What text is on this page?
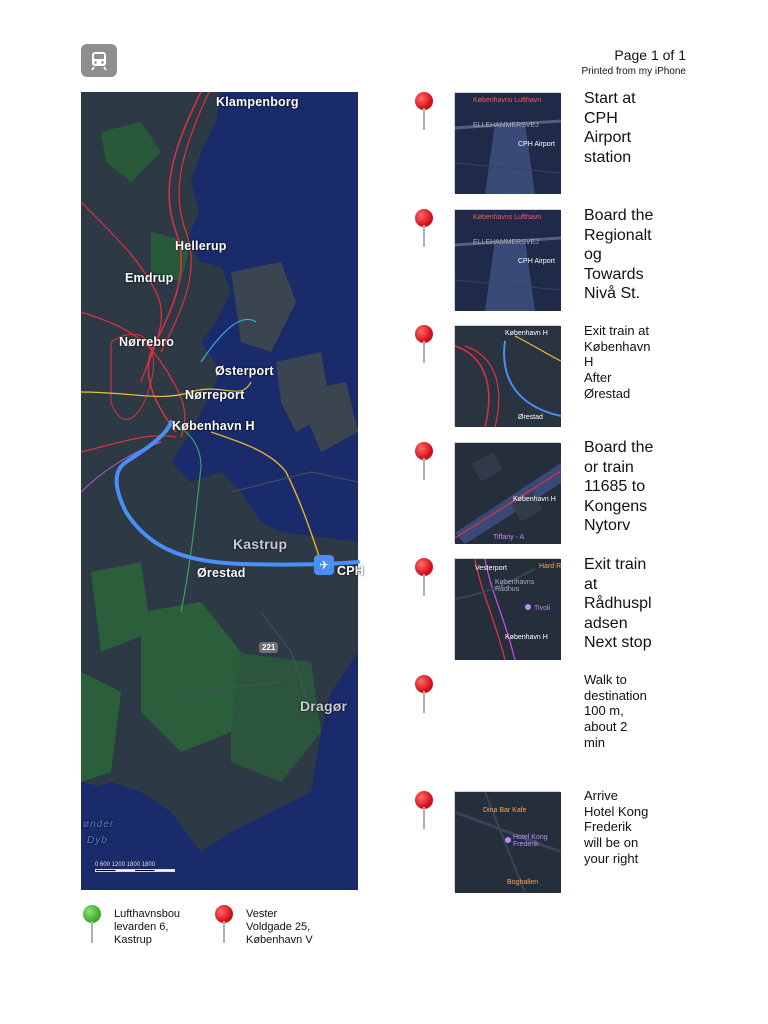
Page 1 of 1
Printed from my iPhone
Klampenborg
Hellerup
Emdrup
Nørrebro
Østerport
Nørreport
København H
Kastrup
Ørestad
✈ CPH
221
Dragør
ønder
Dyb
0 600 1200 1800 1800
Københavns Lufthavn
ELLEHAMMERSVEJ
CPH Airport
Københavns Lufthavn
ELLEHAMMERSVEJ
CPH Airport
København H
Ørestad
København H
Tiffany - A
Vesterport	Hard R
Københavns Rådhus
Tivoli
København H
Dina Bar Kafe
Hotel Kong Frederik
Boghallen
Start at
CPH
Airport
station
Board the
Regionalt
og
Towards
Nivå St.
Exit train at
København
H
After
Ørestad
Board the
or train
11685 to
Kongens
Nytorv
Exit train
at
Rådhuspl
adsen
Next stop
Walk to
destination
100 m,
about 2
min
Arrive
Hotel Kong
Frederik
will be on
your right
Lufthavnsbou
levarden 6,
Kastrup
Vester
Voldgade 25,
København V
